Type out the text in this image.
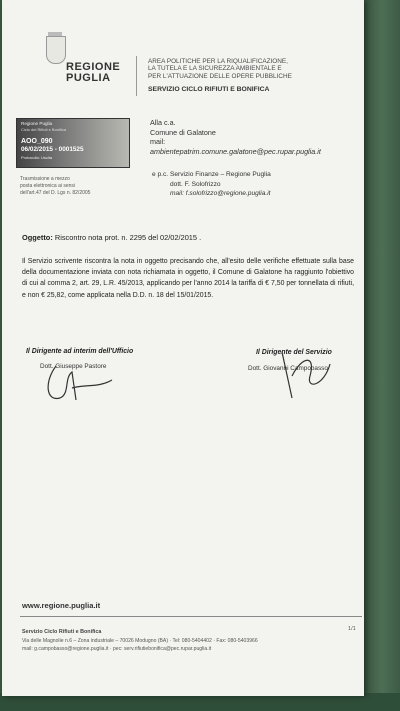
REGIONE
PUGLIA
AREA POLITICHE PER LA RIQUALIFICAZIONE,
LA TUTELA E LA SICUREZZA AMBIENTALE E
PER L'ATTUAZIONE DELLE OPERE PUBBLICHE
SERVIZIO CICLO RIFIUTI E BONIFICA
Regione Puglia
Ciclo dei Rifiuti e Bonifica
AOO_090
06/02/2015 - 0001525
Protocollo: Uscita
Trasmissione a mezzo
posta elettronica ai sensi
dell'art.47 del D. Lgs n. 82/2005
Alla c.a.
Comune di Galatone
mail:
ambientepatrim.comune.galatone@pec.rupar.puglia.it
e p.c. Servizio Finanze – Regione Puglia
dott. F. Solofrizzo
mail: f.solofrizzo@regione.puglia.it
Oggetto: Riscontro nota prot. n. 2295 del 02/02/2015 .
Il Servizio scrivente riscontra la nota in oggetto precisando che, all'esito delle verifiche effettuate sulla base della documentazione inviata con nota richiamata in oggetto, il Comune di Galatone ha raggiunto l'obiettivo di cui al comma 2, art. 29, L.R. 45/2013, applicando per l'anno 2014 la tariffa di € 7,50 per tonnellata di rifiuti, e non € 25,82, come applicata nella D.D. n. 18 del 15/01/2015.
Il Dirigente ad interim dell'Ufficio
Dott. Giuseppe Pastore
Il Dirigente del Servizio
Dott. Giovanni Campobasso
www.regione.puglia.it
Servizio Ciclo Rifiuti e Bonifica
Via delle Magnolie n.6 – Zona industriale – 70026 Modugno (BA) · Tel: 080-5404402 · Fax: 080-5403966
mail: g.campobasso@regione.puglia.it · pec: serv.rifiutiebonifica@pec.rupar.puglia.it
1/1
